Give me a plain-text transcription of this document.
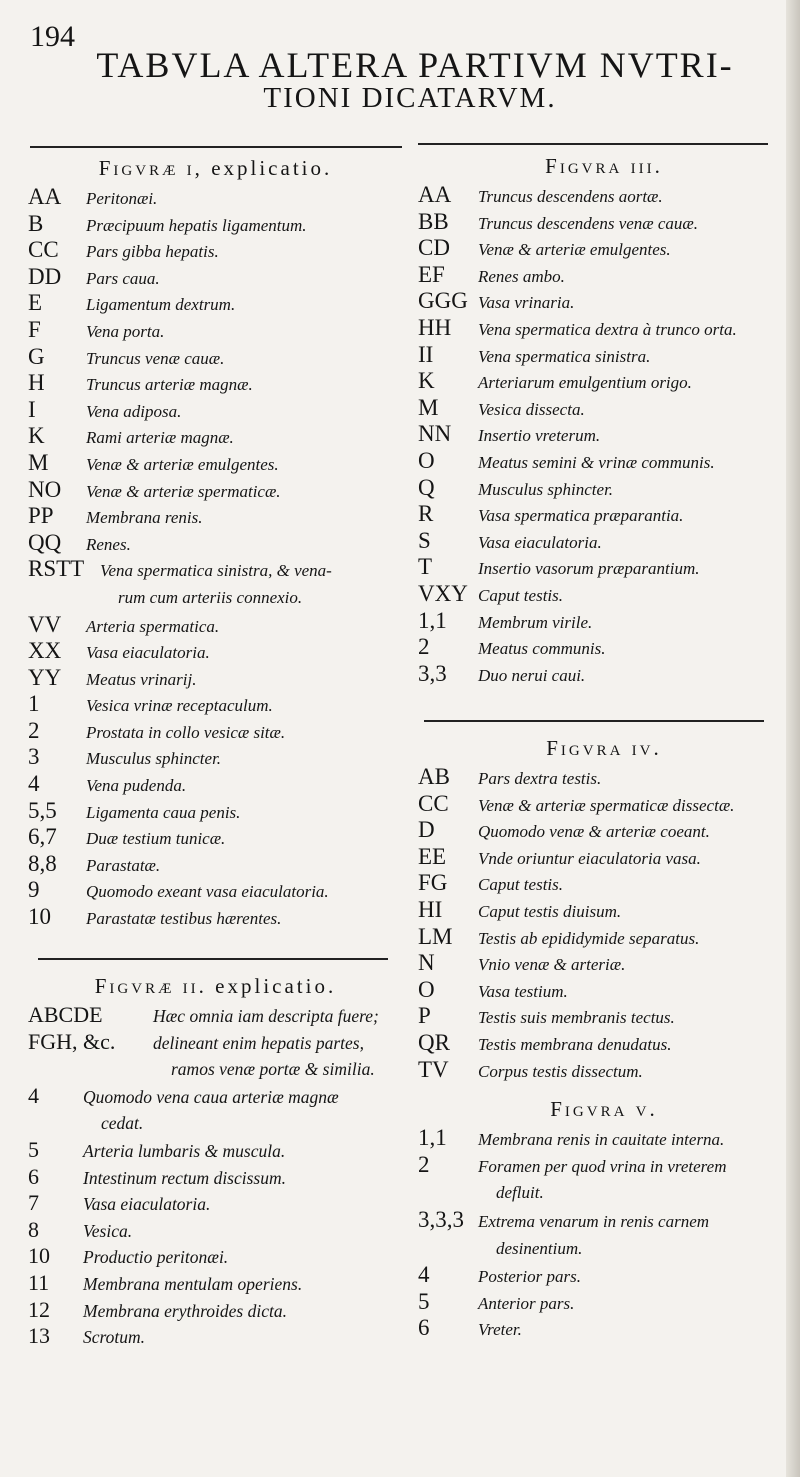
194
TABVLA ALTERA PARTIVM NVTRI-
TIONI DICATARVM.
Figvræ i, explicatio.
AA	Peritonæi.
B	Præcipuum hepatis ligamentum.
CC	Pars gibba hepatis.
DD	Pars caua.
E	Ligamentum dextrum.
F	Vena porta.
G	Truncus venæ cauæ.
H	Truncus arteriæ magnæ.
I	Vena adiposa.
K	Rami arteriæ magnæ.
M	Venæ & arteriæ emulgentes.
NO	Venæ & arteriæ spermaticæ.
PP	Membrana renis.
QQ	Renes.
RSTT Vena spermatica sinistra, & vena-
rum cum arteriis connexio.
VV	Arteria spermatica.
XX	Vasa eiaculatoria.
YY	Meatus vrinarij.
1	Vesica vrinæ receptaculum.
2	Prostata in collo vesicæ sitæ.
3	Musculus sphincter.
4	Vena pudenda.
5,5	Ligamenta caua penis.
6,7	Duæ testium tunicæ.
8,8	Parastatæ.
9	Quomodo exeant vasa eiaculatoria.
10	Parastatæ testibus hærentes.
Figvræ ii. explicatio.
ABCDE	Hæc omnia iam descripta fuere;
FGH, &c.	delineant enim hepatis partes,
ramos venæ portæ & similia.
4	Quomodo vena caua arteriæ magnæ
cedat.
5	Arteria lumbaris & muscula.
6	Intestinum rectum discissum.
7	Vasa eiaculatoria.
8	Vesica.
10	Productio peritonæi.
11	Membrana mentulam operiens.
12	Membrana erythroides dicta.
13	Scrotum.
Figvra iii.
AA	Truncus descendens aortæ.
BB	Truncus descendens venæ cauæ.
CD	Venæ & arteriæ emulgentes.
EF	Renes ambo.
GGG Vasa vrinaria.
HH	Vena spermatica dextra à trunco orta.
II	Vena spermatica sinistra.
K	Arteriarum emulgentium origo.
M	Vesica dissecta.
NN	Insertio vreterum.
O	Meatus semini & vrinæ communis.
Q	Musculus sphincter.
R	Vasa spermatica præparantia.
S	Vasa eiaculatoria.
T	Insertio vasorum præparantium.
VXY Caput testis.
1,1	Membrum virile.
2	Meatus communis.
3,3	Duo nerui caui.
Figvra iv.
AB	Pars dextra testis.
CC	Venæ & arteriæ spermaticæ dissectæ.
D	Quomodo venæ & arteriæ coeant.
EE	Vnde oriuntur eiaculatoria vasa.
FG	Caput testis.
HI	Caput testis diuisum.
LM	Testis ab epididymide separatus.
N	Vnio venæ & arteriæ.
O	Vasa testium.
P	Testis suis membranis tectus.
QR	Testis membrana denudatus.
TV	Corpus testis dissectum.
Figvra v.
1,1	Membrana renis in cauitate interna.
2	Foramen per quod vrina in vreterem
defluit.
3,3,3 Extrema venarum in renis carnem
desinentium.
4	Posterior pars.
5	Anterior pars.
6	Vreter.
